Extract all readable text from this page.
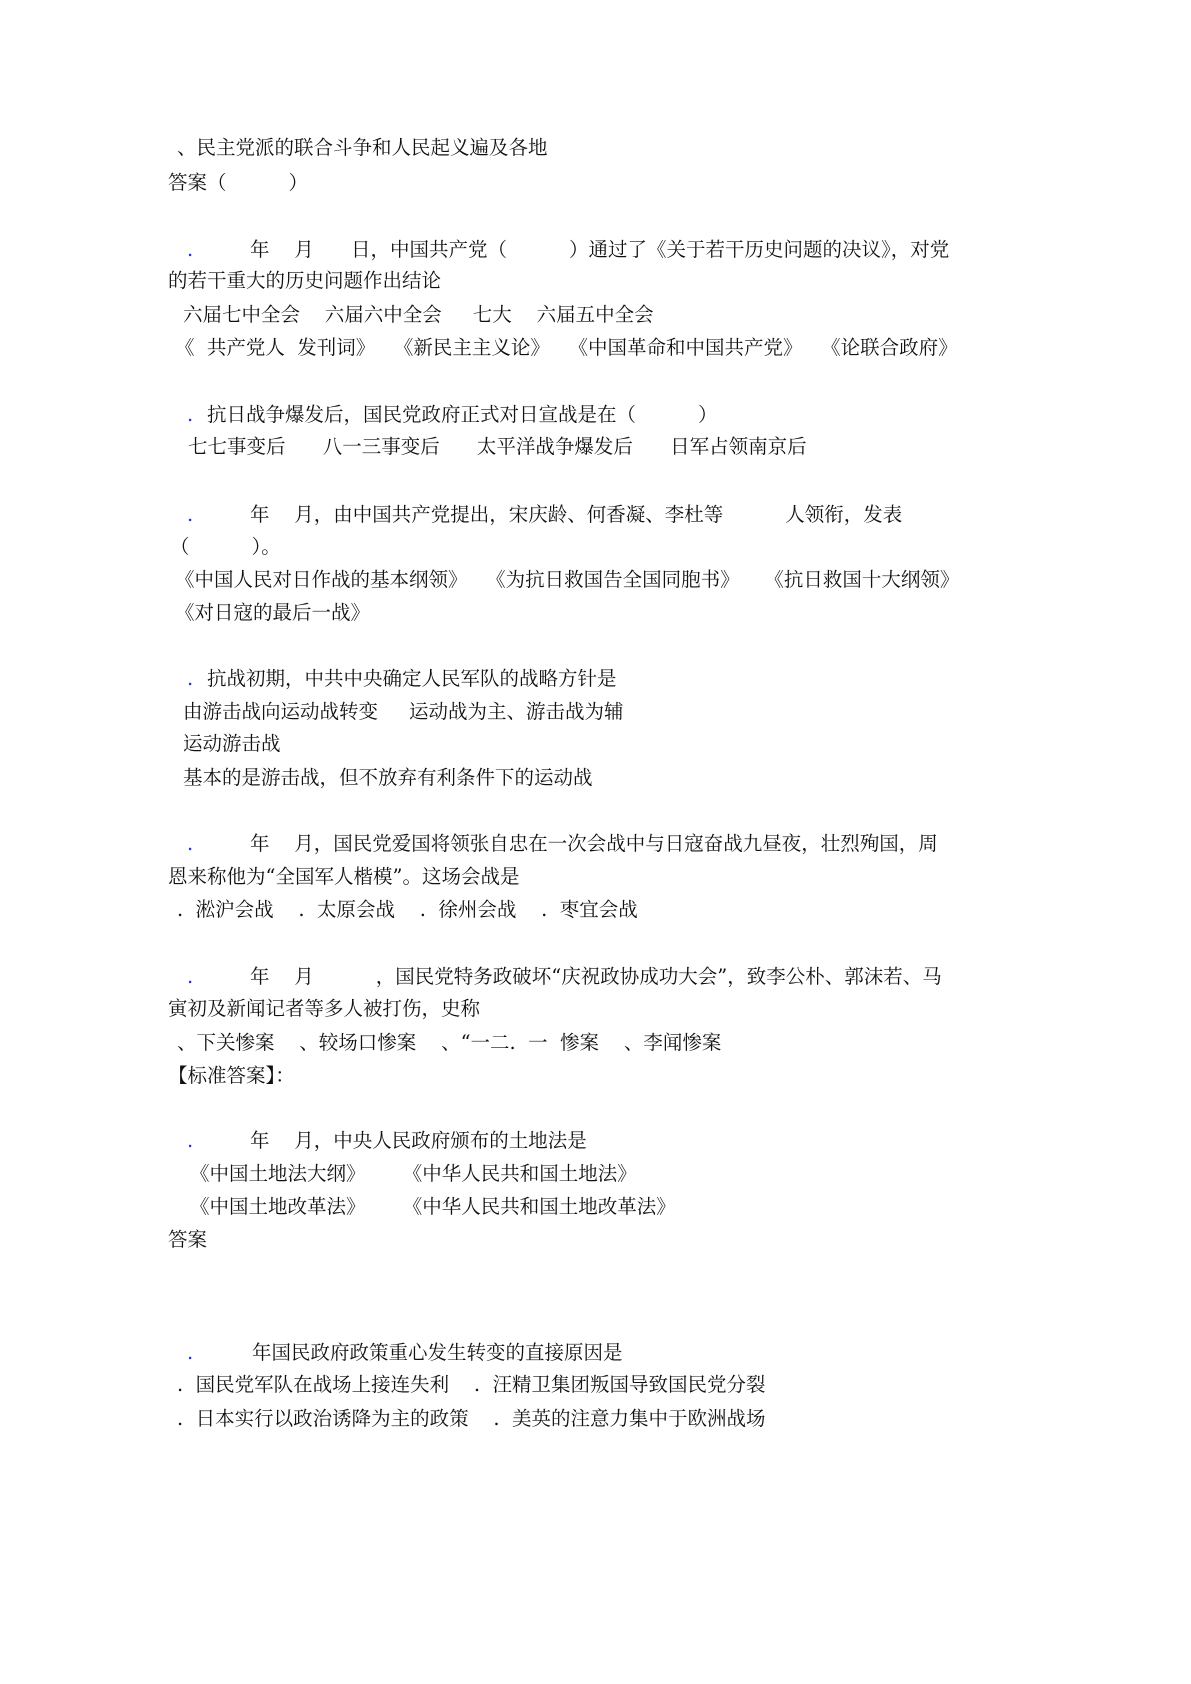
、民主党派的联合斗争和人民起义遍及各地
答案（          ）
.	年    月      日，中国共产党（          ）通过了《关于若干历史问题的决议》，对党
的若干重大的历史问题作出结论
六届七中全会    六届六中全会     七大    六届五中全会
《  共产党人  发刊词》   《新民主主义论》   《中国革命和中国共产党》   《论联合政府》
. 抗日战争爆发后，国民党政府正式对日宣战是在（          ）
七七事变后      八一三事变后      太平洋战争爆发后      日军占领南京后
.	年    月，由中国共产党提出，宋庆龄、何香凝、李杜等          人领衔，发表
（          ）。
《中国人民对日作战的基本纲领》   《为抗日救国告全国同胞书》    《抗日救国十大纲领》
《对日寇的最后一战》
. 抗战初期，中共中央确定人民军队的战略方针是
由游击战向运动战转变     运动战为主、游击战为辅
运动游击战
基本的是游击战，但不放弃有利条件下的运动战
.	年    月，国民党爱国将领张自忠在一次会战中与日寇奋战九昼夜，壮烈殉国，周
恩来称他为“全国军人楷模”。这场会战是
.  淞沪会战    .  太原会战    .  徐州会战    .  枣宜会战
.	年    月          ，国民党特务政破坏“庆祝政协成功大会”，致李公朴、郭沫若、马
寅初及新闻记者等多人被打伤，史称
、下关惨案    、较场口惨案    、“一二.  一  惨案    、李闻惨案
【标准答案】：
.	年    月，中央人民政府颁布的土地法是
《中国土地法大纲》      《中华人民共和国土地法》
《中国土地改革法》      《中华人民共和国土地改革法》
答案
.	年国民政府政策重心发生转变的直接原因是
.  国民党军队在战场上接连失利    .  汪精卫集团叛国导致国民党分裂
.  日本实行以政治诱降为主的政策    .  美英的注意力集中于欧洲战场
